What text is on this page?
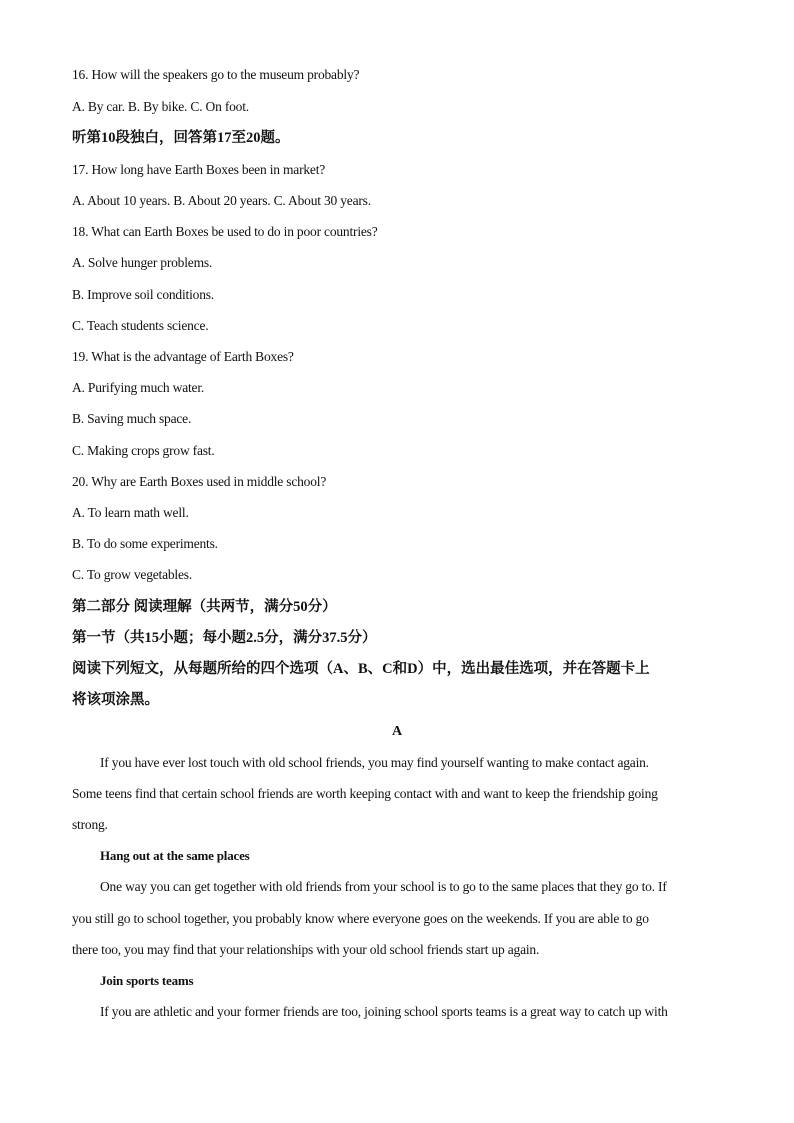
16. How will the speakers go to the museum probably?
A. By car. B. By bike. C. On foot.
听第10段独白，回答第17至20题。
17. How long have Earth Boxes been in market?
A. About 10 years. B. About 20 years. C. About 30 years.
18. What can Earth Boxes be used to do in poor countries?
A. Solve hunger problems.
B. Improve soil conditions.
C. Teach students science.
19. What is the advantage of Earth Boxes?
A. Purifying much water.
B. Saving much space.
C. Making crops grow fast.
20. Why are Earth Boxes used in middle school?
A. To learn math well.
B. To do some experiments.
C. To grow vegetables.
第二部分 阅读理解（共两节，满分50分）
第一节（共15小题；每小题2.5分，满分37.5分）
阅读下列短文，从每题所给的四个选项（A、B、C和D）中，选出最佳选项，并在答题卡上
将该项涂黑。
A
If you have ever lost touch with old school friends, you may find yourself wanting to make contact again.
Some teens find that certain school friends are worth keeping contact with and want to keep the friendship going
strong.
Hang out at the same places
One way you can get together with old friends from your school is to go to the same places that they go to. If
you still go to school together, you probably know where everyone goes on the weekends. If you are able to go
there too, you may find that your relationships with your old school friends start up again.
Join sports teams
If you are athletic and your former friends are too, joining school sports teams is a great way to catch up with
